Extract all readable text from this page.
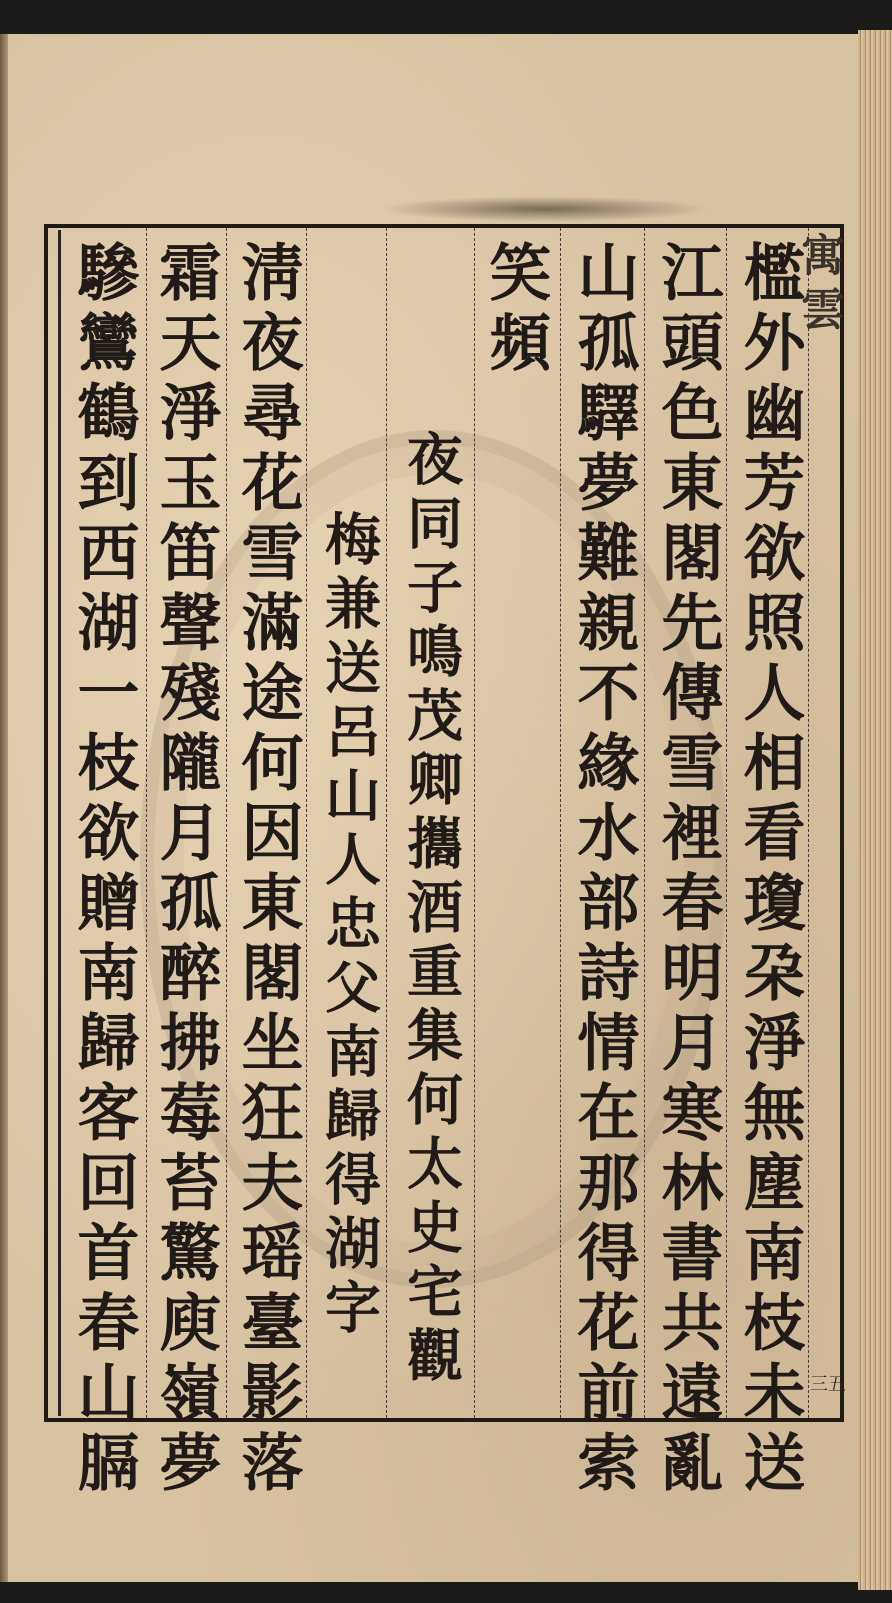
寓雲
檻外幽芳欲照人相看瓊朶淨無塵南枝未送
江頭色東閣先傳雪裡春明月寒林書共遠亂
山孤驛夢難親不緣水部詩情在那得花前索
笑頻
夜同子鳴茂卿攜酒重集何太史宅觀
梅兼送呂山人忠父南歸得湖字
淸夜尋花雪滿途何因東閣坐狂夫瑶臺影落
霜天淨玉笛聲殘隴月孤醉拂莓苔驚庾嶺夢
驂鸞鶴到西湖一枝欲贈南歸客回首春山膈	三五
